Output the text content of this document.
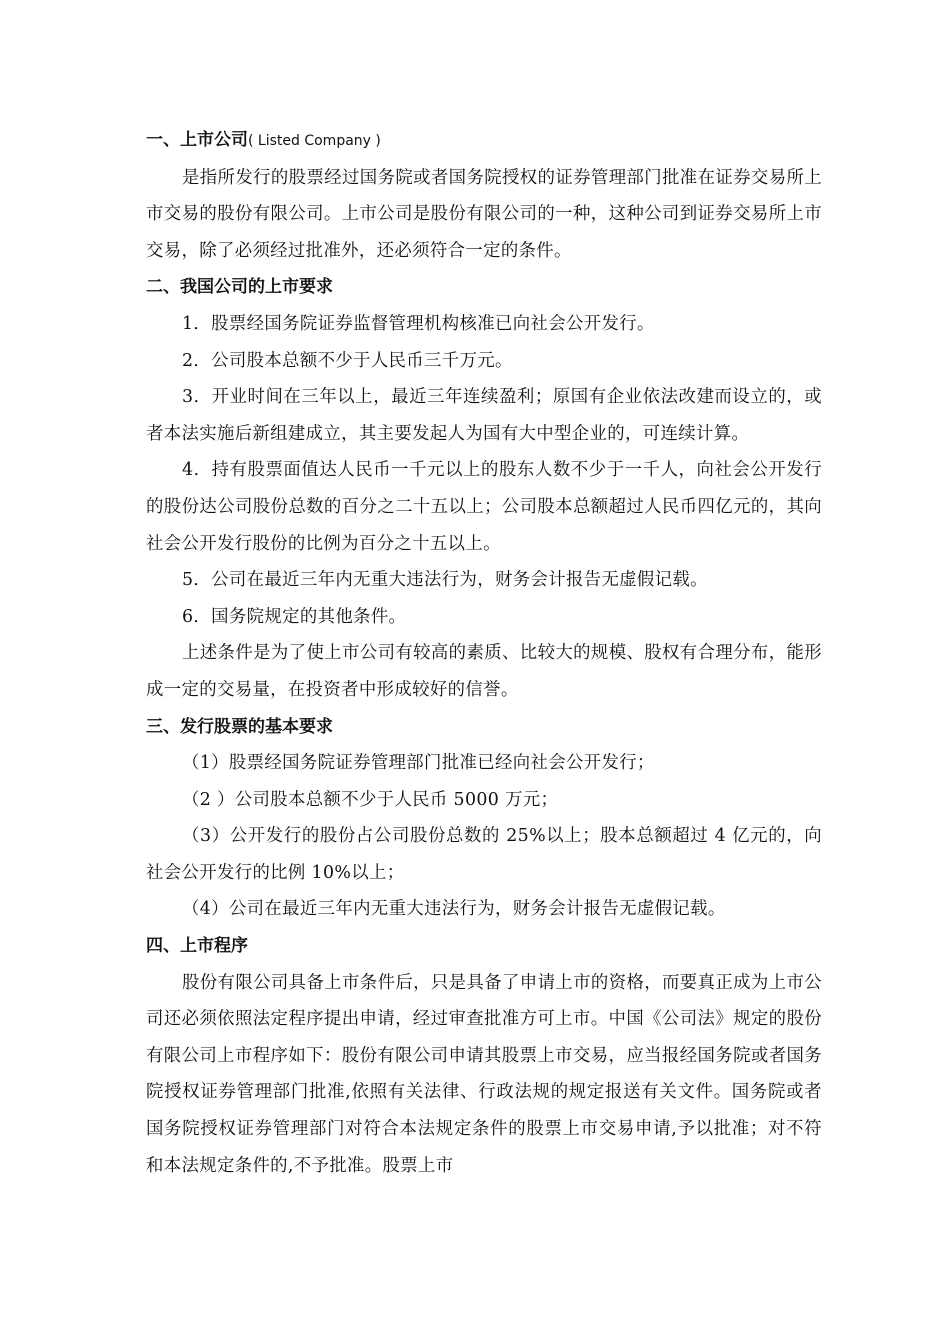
一、上市公司( Listed Company )

是指所发行的股票经过国务院或者国务院授权的证券管理部门批准在证券交易所上市交易的股份有限公司。上市公司是股份有限公司的一种，这种公司到证券交易所上市交易，除了必须经过批准外，还必须符合一定的条件。

二、我国公司的上市要求

1．股票经国务院证券监督管理机构核准已向社会公开发行。

2．公司股本总额不少于人民币三千万元。

3．开业时间在三年以上，最近三年连续盈利；原国有企业依法改建而设立的，或者本法实施后新组建成立，其主要发起人为国有大中型企业的，可连续计算。

4．持有股票面值达人民币一千元以上的股东人数不少于一千人，向社会公开发行的股份达公司股份总数的百分之二十五以上；公司股本总额超过人民币四亿元的，其向社会公开发行股份的比例为百分之十五以上。

5．公司在最近三年内无重大违法行为，财务会计报告无虚假记载。

6．国务院规定的其他条件。

上述条件是为了使上市公司有较高的素质、比较大的规模、股权有合理分布，能形成一定的交易量，在投资者中形成较好的信誉。

三、发行股票的基本要求

（1）股票经国务院证券管理部门批准已经向社会公开发行；

（2 ）公司股本总额不少于人民币 5000 万元；

（3）公开发行的股份占公司股份总数的 25%以上；股本总额超过 4 亿元的，向社会公开发行的比例 10%以上；

（4）公司在最近三年内无重大违法行为，财务会计报告无虚假记载。

四、上市程序

股份有限公司具备上市条件后，只是具备了申请上市的资格，而要真正成为上市公司还必须依照法定程序提出申请，经过审查批准方可上市。中国《公司法》规定的股份有限公司上市程序如下：股份有限公司申请其股票上市交易，应当报经国务院或者国务院授权证券管理部门批准,依照有关法律、行政法规的规定报送有关文件。国务院或者国务院授权证券管理部门对符合本法规定条件的股票上市交易申请,予以批准；对不符和本法规定条件的,不予批准。股票上市
